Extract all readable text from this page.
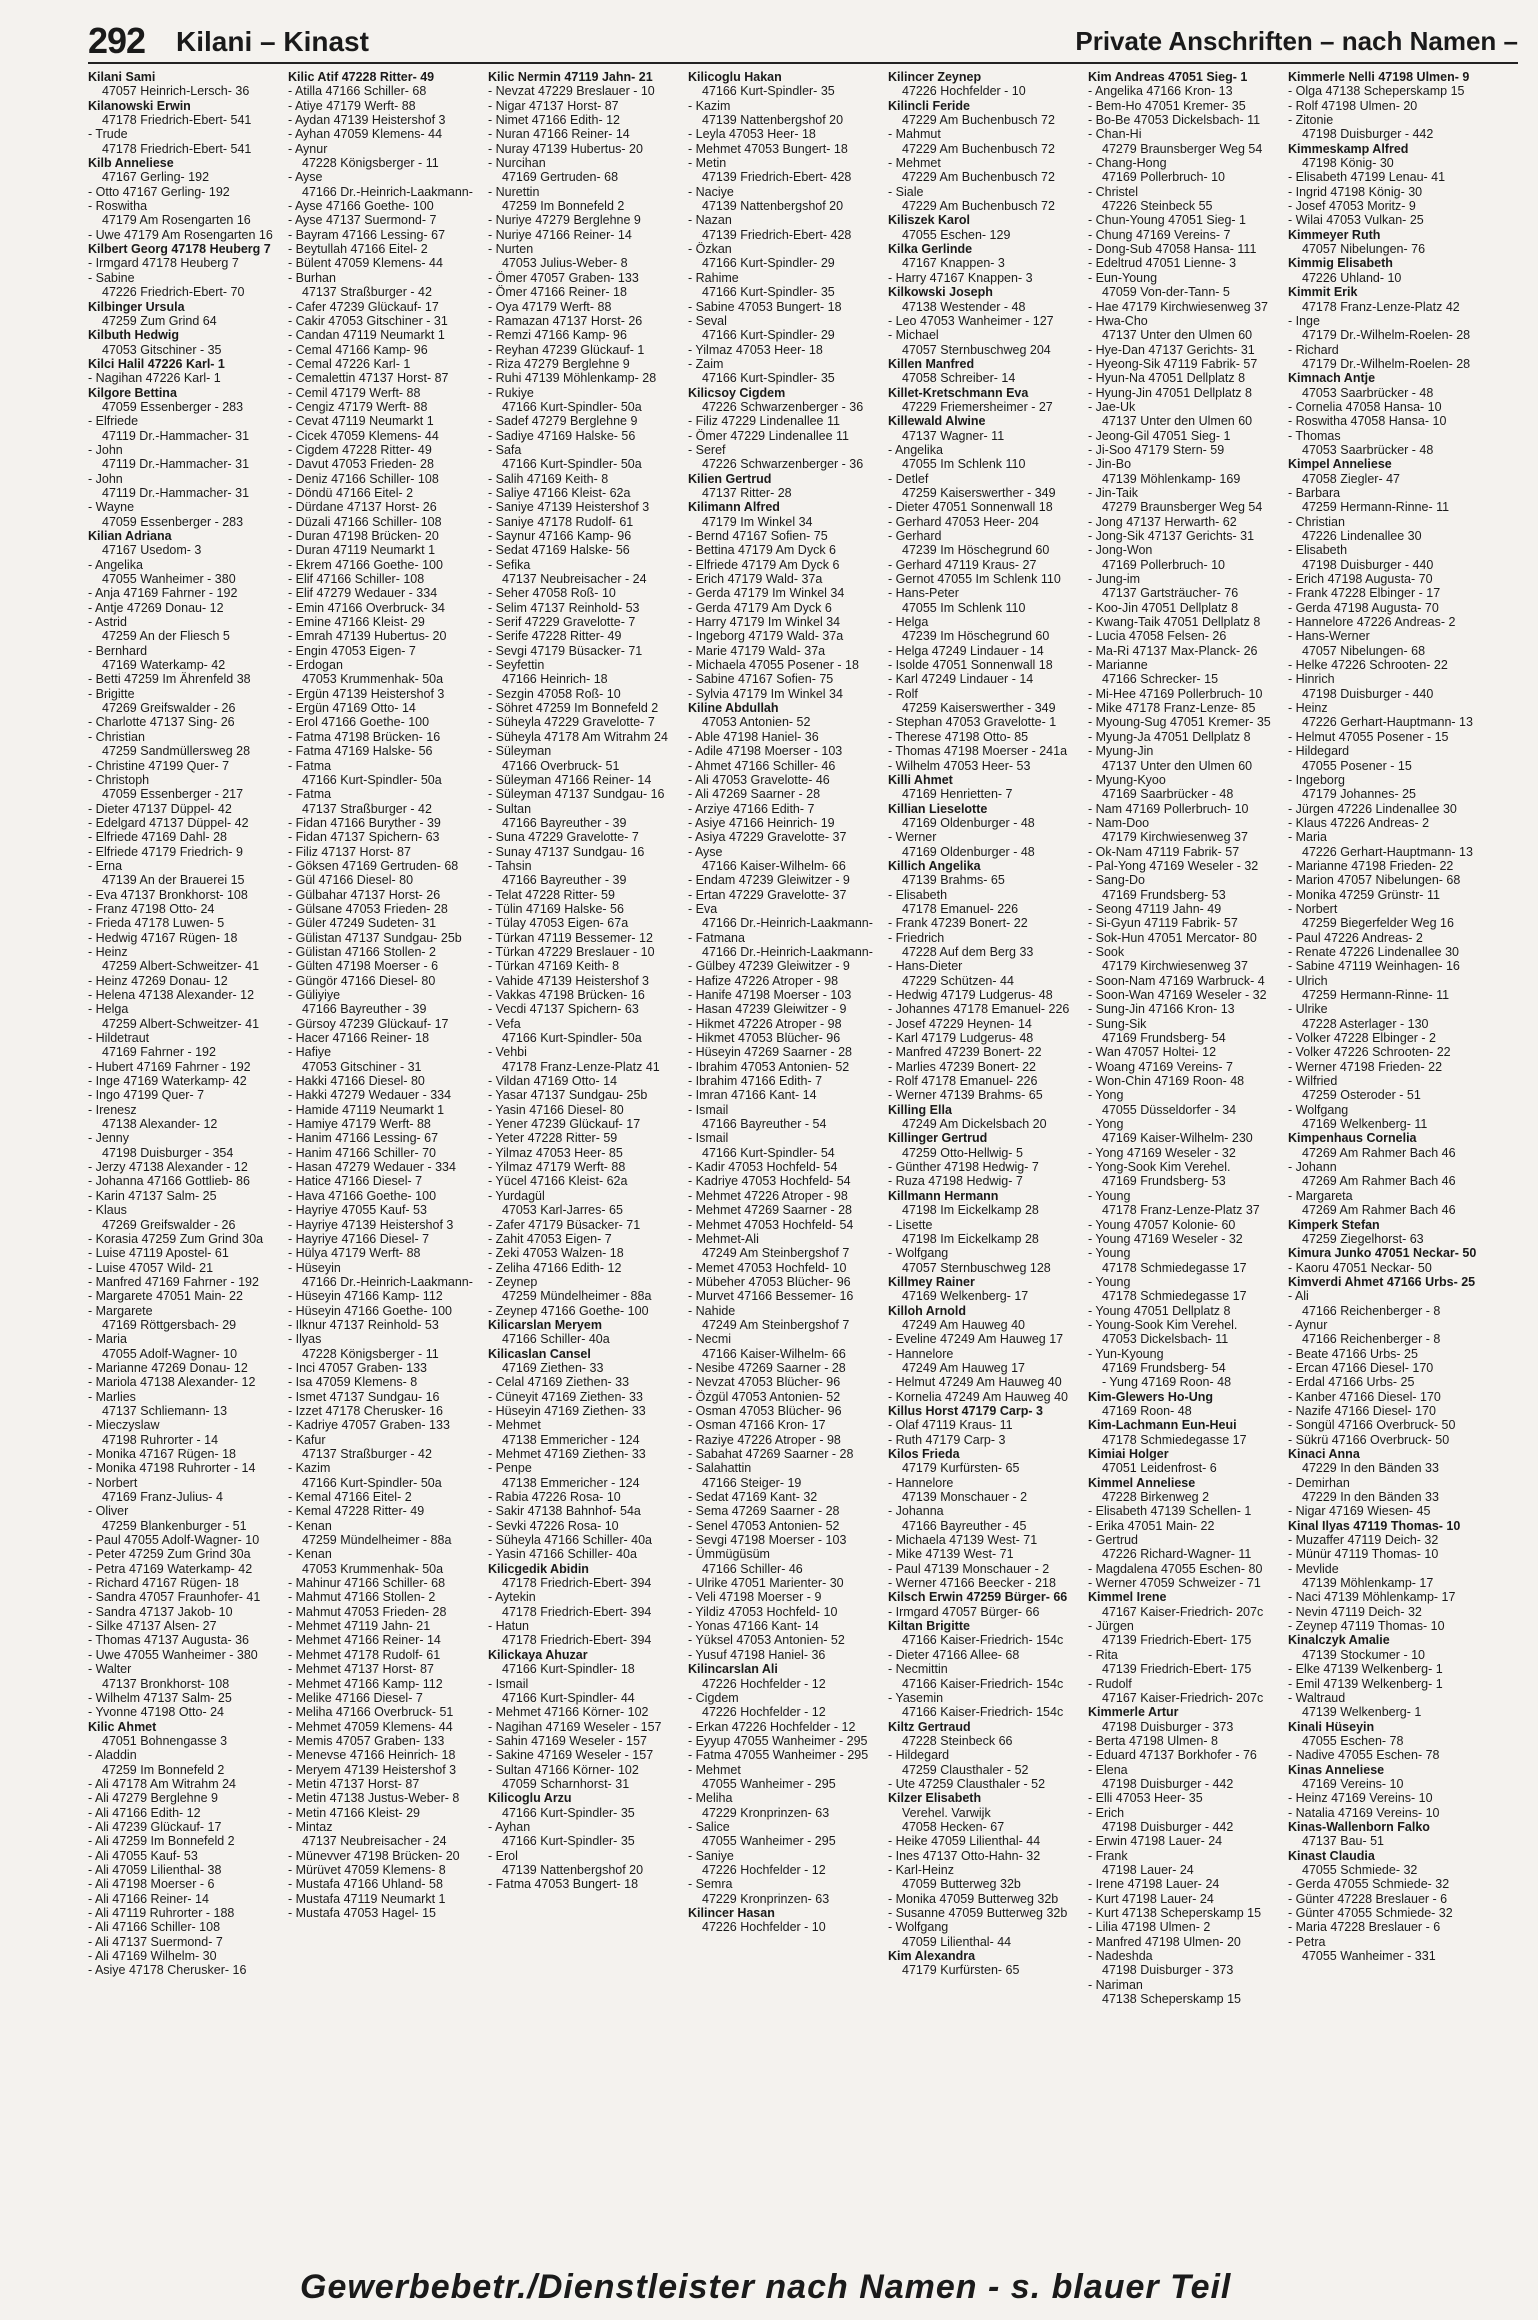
292 Kilani – Kinast	Private Anschriften – nach Namen –
Kilani Sami
47057 Heinrich-Lersch- 36
Kilanowski Erwin
47178 Friedrich-Ebert- 541
- Trude
47178 Friedrich-Ebert- 541
Kilb Anneliese
47167 Gerling- 192
- Otto 47167 Gerling- 192
- Roswitha
47179 Am Rosengarten 16
- Uwe 47179 Am Rosengarten 16
Kilbert Georg 47178 Heuberg 7
- Irmgard 47178 Heuberg 7
- Sabine
47226 Friedrich-Ebert- 70
Kilbinger Ursula
47259 Zum Grind 64
Kilbuth Hedwig
47053 Gitschiner - 35
Kilci Halil 47226 Karl- 1
- Nagihan 47226 Karl- 1
Kilgore Bettina
47059 Essenberger - 283
- Elfriede
47119 Dr.-Hammacher- 31
- John
47119 Dr.-Hammacher- 31
- John
47119 Dr.-Hammacher- 31
- Wayne
47059 Essenberger - 283
Kilian Adriana
47167 Usedom- 3
- Angelika
47055 Wanheimer - 380
- Anja 47169 Fahrner - 192
- Antje 47269 Donau- 12
- Astrid
47259 An der Fliesch 5
- Bernhard
47169 Waterkamp- 42
- Betti 47259 Im Ährenfeld 38
- Brigitte
47269 Greifswalder - 26
- Charlotte 47137 Sing- 26
- Christian
47259 Sandmüllersweg 28
- Christine 47199 Quer- 7
- Christoph
47059 Essenberger - 217
- Dieter 47137 Düppel- 42
- Edelgard 47137 Düppel- 42
- Elfriede 47169 Dahl- 28
- Elfriede 47179 Friedrich- 9
- Erna
47139 An der Brauerei 15
- Eva 47137 Bronkhorst- 108
- Franz 47198 Otto- 24
- Frieda 47178 Luwen- 5
- Hedwig 47167 Rügen- 18
- Heinz
47259 Albert-Schweitzer- 41
- Heinz 47269 Donau- 12
- Helena 47138 Alexander- 12
- Helga
47259 Albert-Schweitzer- 41
- Hildetraut
47169 Fahrner - 192
- Hubert 47169 Fahrner - 192
- Inge 47169 Waterkamp- 42
- Ingo 47199 Quer- 7
- Irenesz
47138 Alexander- 12
- Jenny
47198 Duisburger - 354
- Jerzy 47138 Alexander - 12
- Johanna 47166 Gottlieb- 86
- Karin 47137 Salm- 25
- Klaus
47269 Greifswalder - 26
- Korasia 47259 Zum Grind 30a
- Luise 47119 Apostel- 61
- Luise 47057 Wild- 21
- Manfred 47169 Fahrner - 192
- Margarete 47051 Main- 22
- Margarete
47169 Röttgersbach- 29
- Maria
47055 Adolf-Wagner- 10
- Marianne 47269 Donau- 12
- Mariola 47138 Alexander- 12
- Marlies
47137 Schliemann- 13
- Mieczyslaw
47198 Ruhrorter - 14
- Monika 47167 Rügen- 18
- Monika 47198 Ruhrorter - 14
- Norbert
47169 Franz-Julius- 4
- Oliver
47259 Blankenburger - 51
- Paul 47055 Adolf-Wagner- 10
- Peter 47259 Zum Grind 30a
- Petra 47169 Waterkamp- 42
- Richard 47167 Rügen- 18
- Sandra 47057 Fraunhofer- 41
- Sandra 47137 Jakob- 10
- Silke 47137 Alsen- 27
- Thomas 47137 Augusta- 36
- Uwe 47055 Wanheimer - 380
- Walter
47137 Bronkhorst- 108
- Wilhelm 47137 Salm- 25
- Yvonne 47198 Otto- 24
Kilic Ahmet
47051 Bohnengasse 3
- Aladdin
47259 Im Bonnefeld 2
- Ali 47178 Am Witrahm 24
- Ali 47279 Berglehne 9
- Ali 47166 Edith- 12
- Ali 47239 Glückauf- 17
- Ali 47259 Im Bonnefeld 2
- Ali 47055 Kauf- 53
- Ali 47059 Lilienthal- 38
- Ali 47198 Moerser - 6
- Ali 47166 Reiner- 14
- Ali 47119 Ruhrorter - 188
- Ali 47166 Schiller- 108
- Ali 47137 Suermond- 7
- Ali 47169 Wilhelm- 30
- Asiye 47178 Cherusker- 16
Kilic Atif 47228 Ritter- 49
- Atilla 47166 Schiller- 68
- Atiye 47179 Werft- 88
- Aydan 47139 Heistershof 3
- Ayhan 47059 Klemens- 44
- Aynur
47228 Königsberger - 11
- Ayse
47166 Dr.-Heinrich-Laakmann-
- Ayse 47166 Goethe- 100
- Ayse 47137 Suermond- 7
- Bayram 47166 Lessing- 67
- Beytullah 47166 Eitel- 2
- Bülent 47059 Klemens- 44
- Burhan
47137 Straßburger - 42
- Cafer 47239 Glückauf- 17
- Cakir 47053 Gitschiner - 31
- Candan 47119 Neumarkt 1
- Cemal 47166 Kamp- 96
- Cemal 47226 Karl- 1
- Cemalettin 47137 Horst- 87
- Cemil 47179 Werft- 88
- Cengiz 47179 Werft- 88
- Cevat 47119 Neumarkt 1
- Cicek 47059 Klemens- 44
- Cigdem 47228 Ritter- 49
- Davut 47053 Frieden- 28
- Deniz 47166 Schiller- 108
- Döndü 47166 Eitel- 2
- Dürdane 47137 Horst- 26
- Düzali 47166 Schiller- 108
- Duran 47198 Brücken- 20
- Duran 47119 Neumarkt 1
- Ekrem 47166 Goethe- 100
- Elif 47166 Schiller- 108
- Elif 47279 Wedauer - 334
- Emin 47166 Overbruck- 34
- Emine 47166 Kleist- 29
- Emrah 47139 Hubertus- 20
- Engin 47053 Eigen- 7
- Erdogan
47053 Krummenhak- 50a
- Ergün 47139 Heistershof 3
- Ergün 47169 Otto- 14
- Erol 47166 Goethe- 100
- Fatma 47198 Brücken- 16
- Fatma 47169 Halske- 56
- Fatma
47166 Kurt-Spindler- 50a
- Fatma
47137 Straßburger - 42
- Fidan 47166 Buryther - 39
- Fidan 47137 Spichern- 63
- Filiz 47137 Horst- 87
- Göksen 47169 Gertruden- 68
- Gül 47166 Diesel- 80
- Gülbahar 47137 Horst- 26
- Gülsane 47053 Frieden- 28
- Güler 47249 Sudeten- 31
- Gülistan 47137 Sundgau- 25b
- Gülistan 47166 Stollen- 2
- Gülten 47198 Moerser - 6
- Güngör 47166 Diesel- 80
- Güliyiye
47166 Bayreuther - 39
- Gürsoy 47239 Glückauf- 17
- Hacer 47166 Reiner- 18
- Hafiye
47053 Gitschiner - 31
- Hakki 47166 Diesel- 80
- Hakki 47279 Wedauer - 334
- Hamide 47119 Neumarkt 1
- Hamiye 47179 Werft- 88
- Hanim 47166 Lessing- 67
- Hanim 47166 Schiller- 70
- Hasan 47279 Wedauer - 334
- Hatice 47166 Diesel- 7
- Hava 47166 Goethe- 100
- Hayriye 47055 Kauf- 53
- Hayriye 47139 Heistershof 3
- Hayriye 47166 Diesel- 7
- Hülya 47179 Werft- 88
- Hüseyin
47166 Dr.-Heinrich-Laakmann-
- Hüseyin 47166 Kamp- 112
- Hüseyin 47166 Goethe- 100
- Ilknur 47137 Reinhold- 53
- Ilyas
47228 Königsberger - 11
- Inci 47057 Graben- 133
- Isa 47059 Klemens- 8
- Ismet 47137 Sundgau- 16
- Izzet 47178 Cherusker- 16
- Kadriye 47057 Graben- 133
- Kafur
47137 Straßburger - 42
- Kazim
47166 Kurt-Spindler- 50a
- Kemal 47166 Eitel- 2
- Kemal 47228 Ritter- 49
- Kenan
47259 Mündelheimer - 88a
- Kenan
47053 Krummenhak- 50a
- Mahinur 47166 Schiller- 68
- Mahmut 47166 Stollen- 2
- Mahmut 47053 Frieden- 28
- Mehmet 47119 Jahn- 21
- Mehmet 47166 Reiner- 14
- Mehmet 47178 Rudolf- 61
- Mehmet 47137 Horst- 87
- Mehmet 47166 Kamp- 112
- Melike 47166 Diesel- 7
- Meliha 47166 Overbruck- 51
- Mehmet 47059 Klemens- 44
- Memis 47057 Graben- 133
- Menevse 47166 Heinrich- 18
- Meryem 47139 Heistershof 3
- Metin 47137 Horst- 87
- Metin 47138 Justus-Weber- 8
- Metin 47166 Kleist- 29
- Mintaz
47137 Neubreisacher - 24
- Münevver 47198 Brücken- 20
- Mürüvet 47059 Klemens- 8
- Mustafa 47166 Uhland- 58
- Mustafa 47119 Neumarkt 1
- Mustafa 47053 Hagel- 15
Kilic Nermin 47119 Jahn- 21
- Nevzat 47229 Breslauer - 10
- Nigar 47137 Horst- 87
- Nimet 47166 Edith- 12
- Nuran 47166 Reiner- 14
- Nuray 47139 Hubertus- 20
- Nurcihan
47169 Gertruden- 68
- Nurettin
47259 Im Bonnefeld 2
- Nuriye 47279 Berglehne 9
- Nuriye 47166 Reiner- 14
- Nurten
47053 Julius-Weber- 8
- Ömer 47057 Graben- 133
- Ömer 47166 Reiner- 18
- Oya 47179 Werft- 88
- Ramazan 47137 Horst- 26
- Remzi 47166 Kamp- 96
- Reyhan 47239 Glückauf- 1
- Riza 47279 Berglehne 9
- Ruhi 47139 Möhlenkamp- 28
- Rukiye
47166 Kurt-Spindler- 50a
- Sadef 47279 Berglehne 9
- Sadiye 47169 Halske- 56
- Safa
47166 Kurt-Spindler- 50a
- Salih 47169 Keith- 8
- Saliye 47166 Kleist- 62a
- Saniye 47139 Heistershof 3
- Saniye 47178 Rudolf- 61
- Saynur 47166 Kamp- 96
- Sedat 47169 Halske- 56
- Sefika
47137 Neubreisacher - 24
- Seher 47058 Roß- 10
- Selim 47137 Reinhold- 53
- Serif 47229 Gravelotte- 7
- Serife 47228 Ritter- 49
- Sevgi 47179 Büsacker- 71
- Seyfettin
47166 Heinrich- 18
- Sezgin 47058 Roß- 10
- Söhret 47259 Im Bonnefeld 2
- Süheyla 47229 Gravelotte- 7
- Süheyla 47178 Am Witrahm 24
- Süleyman
47166 Overbruck- 51
- Süleyman 47166 Reiner- 14
- Süleyman 47137 Sundgau- 16
- Sultan
47166 Bayreuther - 39
- Suna 47229 Gravelotte- 7
- Sunay 47137 Sundgau- 16
- Tahsin
47166 Bayreuther - 39
- Telat 47228 Ritter- 59
- Tülin 47169 Halske- 56
- Tülay 47053 Eigen- 67a
- Türkan 47119 Bessemer- 12
- Türkan 47229 Breslauer - 10
- Türkan 47169 Keith- 8
- Vahide 47139 Heistershof 3
- Vakkas 47198 Brücken- 16
- Vecdi 47137 Spichern- 63
- Vefa
47166 Kurt-Spindler- 50a
- Vehbi
47178 Franz-Lenze-Platz 41
- Vildan 47169 Otto- 14
- Yasar 47137 Sundgau- 25b
- Yasin 47166 Diesel- 80
- Yener 47239 Glückauf- 17
- Yeter 47228 Ritter- 59
- Yilmaz 47053 Heer- 85
- Yilmaz 47179 Werft- 88
- Yücel 47166 Kleist- 62a
- Yurdagül
47053 Karl-Jarres- 65
- Zafer 47179 Büsacker- 71
- Zahit 47053 Eigen- 7
- Zeki 47053 Walzen- 18
- Zeliha 47166 Edith- 12
- Zeynep
47259 Mündelheimer - 88a
- Zeynep 47166 Goethe- 100
Kilicarslan Meryem
47166 Schiller- 40a
Kilicaslan Cansel
47169 Ziethen- 33
- Celal 47169 Ziethen- 33
- Cüneyit 47169 Ziethen- 33
- Hüseyin 47169 Ziethen- 33
- Mehmet
47138 Emmericher - 124
- Mehmet 47169 Ziethen- 33
- Penpe
47138 Emmericher - 124
- Rabia 47226 Rosa- 10
- Sakir 47138 Bahnhof- 54a
- Sevki 47226 Rosa- 10
- Süheyla 47166 Schiller- 40a
- Yasin 47166 Schiller- 40a
Kilicgedik Abidin
47178 Friedrich-Ebert- 394
- Aytekin
47178 Friedrich-Ebert- 394
- Hatun
47178 Friedrich-Ebert- 394
Kilickaya Ahuzar
47166 Kurt-Spindler- 18
- Ismail
47166 Kurt-Spindler- 44
- Mehmet 47166 Körner- 102
- Nagihan 47169 Weseler - 157
- Sahin 47169 Weseler - 157
- Sakine 47169 Weseler - 157
- Sultan 47166 Körner- 102
47059 Scharnhorst- 31
Kilicoglu Arzu
47166 Kurt-Spindler- 35
- Ayhan
47166 Kurt-Spindler- 35
- Erol
47139 Nattenbergshof 20
- Fatma 47053 Bungert- 18
Kilicoglu Hakan
47166 Kurt-Spindler- 35
- Kazim
47139 Nattenbergshof 20
- Leyla 47053 Heer- 18
- Mehmet 47053 Bungert- 18
- Metin
47139 Friedrich-Ebert- 428
- Naciye
47139 Nattenbergshof 20
- Nazan
47139 Friedrich-Ebert- 428
- Özkan
47166 Kurt-Spindler- 29
- Rahime
47166 Kurt-Spindler- 35
- Sabine 47053 Bungert- 18
- Seval
47166 Kurt-Spindler- 29
- Yilmaz 47053 Heer- 18
- Zaim
47166 Kurt-Spindler- 35
Kilicsoy Cigdem
47226 Schwarzenberger - 36
- Filiz 47229 Lindenallee 11
- Ömer 47229 Lindenallee 11
- Seref
47226 Schwarzenberger - 36
Kilien Gertrud
47137 Ritter- 28
Kilimann Alfred
47179 Im Winkel 34
- Bernd 47167 Sofien- 75
- Bettina 47179 Am Dyck 6
- Elfriede 47179 Am Dyck 6
- Erich 47179 Wald- 37a
- Gerda 47179 Im Winkel 34
- Gerda 47179 Am Dyck 6
- Harry 47179 Im Winkel 34
- Ingeborg 47179 Wald- 37a
- Marie 47179 Wald- 37a
- Michaela 47055 Posener - 18
- Sabine 47167 Sofien- 75
- Sylvia 47179 Im Winkel 34
Kiline Abdullah
47053 Antonien- 52
- Able 47198 Haniel- 36
- Adile 47198 Moerser - 103
- Ahmet 47166 Schiller- 46
- Ali 47053 Gravelotte- 46
- Ali 47269 Saarner - 28
- Arziye 47166 Edith- 7
- Asiye 47166 Heinrich- 19
- Asiya 47229 Gravelotte- 37
- Ayse
47166 Kaiser-Wilhelm- 66
- Endam 47239 Gleiwitzer - 9
- Ertan 47229 Gravelotte- 37
- Eva
47166 Dr.-Heinrich-Laakmann-
- Fatmana
47166 Dr.-Heinrich-Laakmann-
- Gülbey 47239 Gleiwitzer - 9
- Hafize 47226 Atroper - 98
- Hanife 47198 Moerser - 103
- Hasan 47239 Gleiwitzer - 9
- Hikmet 47226 Atroper - 98
- Hikmet 47053 Blücher- 96
- Hüseyin 47269 Saarner - 28
- Ibrahim 47053 Antonien- 52
- Ibrahim 47166 Edith- 7
- Imran 47166 Kant- 14
- Ismail
47166 Bayreuther - 54
- Ismail
47166 Kurt-Spindler- 54
- Kadir 47053 Hochfeld- 54
- Kadriye 47053 Hochfeld- 54
- Mehmet 47226 Atroper - 98
- Mehmet 47269 Saarner - 28
- Mehmet 47053 Hochfeld- 54
- Mehmet-Ali
47249 Am Steinbergshof 7
- Memet 47053 Hochfeld- 10
- Mübeher 47053 Blücher- 96
- Murvet 47166 Bessemer- 16
- Nahide
47249 Am Steinbergshof 7
- Necmi
47166 Kaiser-Wilhelm- 66
- Nesibe 47269 Saarner - 28
- Nevzat 47053 Blücher- 96
- Özgül 47053 Antonien- 52
- Osman 47053 Blücher- 96
- Osman 47166 Kron- 17
- Raziye 47226 Atroper - 98
- Sabahat 47269 Saarner - 28
- Salahattin
47166 Steiger- 19
- Sedat 47169 Kant- 32
- Sema 47269 Saarner - 28
- Senel 47053 Antonien- 52
- Sevgi 47198 Moerser - 103
- Ümmügüsüm
47166 Schiller- 46
- Ulrike 47051 Marienter- 30
- Veli 47198 Moerser - 9
- Yildiz 47053 Hochfeld- 10
- Yonas 47166 Kant- 14
- Yüksel 47053 Antonien- 52
- Yusuf 47198 Haniel- 36
Kilincarslan Ali
47226 Hochfelder - 12
- Cigdem
47226 Hochfelder - 12
- Erkan 47226 Hochfelder - 12
- Eyyup 47055 Wanheimer - 295
- Fatma 47055 Wanheimer - 295
- Mehmet
47055 Wanheimer - 295
- Meliha
47229 Kronprinzen- 63
- Salice
47055 Wanheimer - 295
- Saniye
47226 Hochfelder - 12
- Semra
47229 Kronprinzen- 63
Kilincer Hasan
47226 Hochfelder - 10
Kilincer Zeynep
47226 Hochfelder - 10
Kilincli Feride
47229 Am Buchenbusch 72
- Mahmut
47229 Am Buchenbusch 72
- Mehmet
47229 Am Buchenbusch 72
- Siale
47229 Am Buchenbusch 72
Kiliszek Karol
47055 Eschen- 129
Kilka Gerlinde
47167 Knappen- 3
- Harry 47167 Knappen- 3
Kilkowski Joseph
47138 Westender - 48
- Leo 47053 Wanheimer - 127
- Michael
47057 Sternbuschweg 204
Killen Manfred
47058 Schreiber- 14
Killet-Kretschmann Eva
47229 Friemersheimer - 27
Killewald Alwine
47137 Wagner- 11
- Angelika
47055 Im Schlenk 110
- Detlef
47259 Kaiserswerther - 349
- Dieter 47051 Sonnenwall 18
- Gerhard 47053 Heer- 204
- Gerhard
47239 Im Höschegrund 60
- Gerhard 47119 Kraus- 27
- Gernot 47055 Im Schlenk 110
- Hans-Peter
47055 Im Schlenk 110
- Helga
47239 Im Höschegrund 60
- Helga 47249 Lindauer - 14
- Isolde 47051 Sonnenwall 18
- Karl 47249 Lindauer - 14
- Rolf
47259 Kaiserswerther - 349
- Stephan 47053 Gravelotte- 1
- Therese 47198 Otto- 85
- Thomas 47198 Moerser - 241a
- Wilhelm 47053 Heer- 53
Killi Ahmet
47169 Henrietten- 7
Killian Lieselotte
47169 Oldenburger - 48
- Werner
47169 Oldenburger - 48
Killich Angelika
47139 Brahms- 65
- Elisabeth
47178 Emanuel- 226
- Frank 47239 Bonert- 22
- Friedrich
47228 Auf dem Berg 33
- Hans-Dieter
47229 Schützen- 44
- Hedwig 47179 Ludgerus- 48
- Johannes 47178 Emanuel- 226
- Josef 47229 Heynen- 14
- Karl 47179 Ludgerus- 48
- Manfred 47239 Bonert- 22
- Marlies 47239 Bonert- 22
- Rolf 47178 Emanuel- 226
- Werner 47139 Brahms- 65
Killing Ella
47249 Am Dickelsbach 20
Killinger Gertrud
47259 Otto-Hellwig- 5
- Günther 47198 Hedwig- 7
- Ruza 47198 Hedwig- 7
Killmann Hermann
47198 Im Eickelkamp 28
- Lisette
47198 Im Eickelkamp 28
- Wolfgang
47057 Sternbuschweg 128
Killmey Rainer
47169 Welkenberg- 17
Killoh Arnold
47249 Am Hauweg 40
- Eveline 47249 Am Hauweg 17
- Hannelore
47249 Am Hauweg 17
- Helmut 47249 Am Hauweg 40
- Kornelia 47249 Am Hauweg 40
Killus Horst 47179 Carp- 3
- Olaf 47119 Kraus- 11
- Ruth 47179 Carp- 3
Kilos Frieda
47179 Kurfürsten- 65
- Hannelore
47139 Monschauer - 2
- Johanna
47166 Bayreuther - 45
- Michaela 47139 West- 71
- Mike 47139 West- 71
- Paul 47139 Monschauer - 2
- Werner 47166 Beecker - 218
Kilsch Erwin 47259 Bürger- 66
- Irmgard 47057 Bürger- 66
Kiltan Brigitte
47166 Kaiser-Friedrich- 154c
- Dieter 47166 Allee- 68
- Necmittin
47166 Kaiser-Friedrich- 154c
- Yasemin
47166 Kaiser-Friedrich- 154c
Kiltz Gertraud
47228 Steinbeck 66
- Hildegard
47259 Clausthaler - 52
- Ute 47259 Clausthaler - 52
Kilzer Elisabeth
Verehel. Varwijk
47058 Hecken- 67
- Heike 47059 Lilienthal- 44
- Ines 47137 Otto-Hahn- 32
- Karl-Heinz
47059 Butterweg 32b
- Monika 47059 Butterweg 32b
- Susanne 47059 Butterweg 32b
- Wolfgang
47059 Lilienthal- 44
Kim Alexandra
47179 Kurfürsten- 65
Kim Andreas 47051 Sieg- 1
- Angelika 47166 Kron- 13
- Bem-Ho 47051 Kremer- 35
- Bo-Be 47053 Dickelsbach- 11
- Chan-Hi
47279 Braunsberger Weg 54
- Chang-Hong
47169 Pollerbruch- 10
- Christel
47226 Steinbeck 55
- Chun-Young 47051 Sieg- 1
- Chung 47169 Vereins- 7
- Dong-Sub 47058 Hansa- 111
- Edeltrud 47051 Lienne- 3
- Eun-Young
47059 Von-der-Tann- 5
- Hae 47179 Kirchwiesenweg 37
- Hwa-Cho
47137 Unter den Ulmen 60
- Hye-Dan 47137 Gerichts- 31
- Hyeong-Sik 47119 Fabrik- 57
- Hyun-Na 47051 Dellplatz 8
- Hyung-Jin 47051 Dellplatz 8
- Jae-Uk
47137 Unter den Ulmen 60
- Jeong-Gil 47051 Sieg- 1
- Ji-Soo 47179 Stern- 59
- Jin-Bo
47139 Möhlenkamp- 169
- Jin-Taik
47279 Braunsberger Weg 54
- Jong 47137 Herwarth- 62
- Jong-Sik 47137 Gerichts- 31
- Jong-Won
47169 Pollerbruch- 10
- Jung-im
47137 Gartsträucher- 76
- Koo-Jin 47051 Dellplatz 8
- Kwang-Taik 47051 Dellplatz 8
- Lucia 47058 Felsen- 26
- Ma-Ri 47137 Max-Planck- 26
- Marianne
47166 Schrecker- 15
- Mi-Hee 47169 Pollerbruch- 10
- Mike 47178 Franz-Lenze- 85
- Myoung-Sug 47051 Kremer- 35
- Myung-Ja 47051 Dellplatz 8
- Myung-Jin
47137 Unter den Ulmen 60
- Myung-Kyoo
47169 Saarbrücker - 48
- Nam 47169 Pollerbruch- 10
- Nam-Doo
47179 Kirchwiesenweg 37
- Ok-Nam 47119 Fabrik- 57
- Pal-Yong 47169 Weseler - 32
- Sang-Do
47169 Frundsberg- 53
- Seong 47119 Jahn- 49
- Si-Gyun 47119 Fabrik- 57
- Sok-Hun 47051 Mercator- 80
- Sook
47179 Kirchwiesenweg 37
- Soon-Nam 47169 Warbruck- 4
- Soon-Wan 47169 Weseler - 32
- Sung-Jin 47166 Kron- 13
- Sung-Sik
47169 Frundsberg- 54
- Wan 47057 Holtei- 12
- Woang 47169 Vereins- 7
- Won-Chin 47169 Roon- 48
- Yong
47055 Düsseldorfer - 34
- Yong
47169 Kaiser-Wilhelm- 230
- Yong 47169 Weseler - 32
- Yong-Sook Kim Verehel.
47169 Frundsberg- 53
- Young
47178 Franz-Lenze-Platz 37
- Young 47057 Kolonie- 60
- Young 47169 Weseler - 32
- Young
47178 Schmiedegasse 17
- Young
47178 Schmiedegasse 17
- Young 47051 Dellplatz 8
- Young-Sook Kim Verehel.
47053 Dickelsbach- 11
- Yun-Kyoung
47169 Frundsberg- 54
- Yung 47169 Roon- 48
Kim-Glewers Ho-Ung
47169 Roon- 48
Kim-Lachmann Eun-Heui
47178 Schmiedegasse 17
Kimiai Holger
47051 Leidenfrost- 6
Kimmel Anneliese
47228 Birkenweg 2
- Elisabeth 47139 Schellen- 1
- Erika 47051 Main- 22
- Gertrud
47226 Richard-Wagner- 11
- Magdalena 47055 Eschen- 80
- Werner 47059 Schweizer - 71
Kimmel Irene
47167 Kaiser-Friedrich- 207c
- Jürgen
47139 Friedrich-Ebert- 175
- Rita
47139 Friedrich-Ebert- 175
- Rudolf
47167 Kaiser-Friedrich- 207c
Kimmerle Artur
47198 Duisburger - 373
- Berta 47198 Ulmen- 8
- Eduard 47137 Borkhofer - 76
- Elena
47198 Duisburger - 442
- Elli 47053 Heer- 35
- Erich
47198 Duisburger - 442
- Erwin 47198 Lauer- 24
- Frank
47198 Lauer- 24
- Irene 47198 Lauer- 24
- Kurt 47198 Lauer- 24
- Kurt 47138 Scheperskamp 15
- Lilia 47198 Ulmen- 2
- Manfred 47198 Ulmen- 20
- Nadeshda
47198 Duisburger - 373
- Nariman
47138 Scheperskamp 15
Kimmerle Nelli 47198 Ulmen- 9
- Olga 47138 Scheperskamp 15
- Rolf 47198 Ulmen- 20
- Zitonie
47198 Duisburger - 442
Kimmeskamp Alfred
47198 König- 30
- Elisabeth 47199 Lenau- 41
- Ingrid 47198 König- 30
- Josef 47053 Moritz- 9
- Wilai 47053 Vulkan- 25
Kimmeyer Ruth
47057 Nibelungen- 76
Kimmig Elisabeth
47226 Uhland- 10
Kimmit Erik
47178 Franz-Lenze-Platz 42
- Inge
47179 Dr.-Wilhelm-Roelen- 28
- Richard
47179 Dr.-Wilhelm-Roelen- 28
Kimnach Antje
47053 Saarbrücker - 48
- Cornelia 47058 Hansa- 10
- Roswitha 47058 Hansa- 10
- Thomas
47053 Saarbrücker - 48
Kimpel Anneliese
47058 Ziegler- 47
- Barbara
47259 Hermann-Rinne- 11
- Christian
47226 Lindenallee 30
- Elisabeth
47198 Duisburger - 440
- Erich 47198 Augusta- 70
- Frank 47228 Elbinger - 17
- Gerda 47198 Augusta- 70
- Hannelore 47226 Andreas- 2
- Hans-Werner
47057 Nibelungen- 68
- Helke 47226 Schrooten- 22
- Hinrich
47198 Duisburger - 440
- Heinz
47226 Gerhart-Hauptmann- 13
- Helmut 47055 Posener - 15
- Hildegard
47055 Posener - 15
- Ingeborg
47179 Johannes- 25
- Jürgen 47226 Lindenallee 30
- Klaus 47226 Andreas- 2
- Maria
47226 Gerhart-Hauptmann- 13
- Marianne 47198 Frieden- 22
- Marion 47057 Nibelungen- 68
- Monika 47259 Grünstr- 11
- Norbert
47259 Biegerfelder Weg 16
- Paul 47226 Andreas- 2
- Renate 47226 Lindenallee 30
- Sabine 47119 Weinhagen- 16
- Ulrich
47259 Hermann-Rinne- 11
- Ulrike
47228 Asterlager - 130
- Volker 47228 Elbinger - 2
- Volker 47226 Schrooten- 22
- Werner 47198 Frieden- 22
- Wilfried
47259 Osteroder - 51
- Wolfgang
47169 Welkenberg- 11
Kimpenhaus Cornelia
47269 Am Rahmer Bach 46
- Johann
47269 Am Rahmer Bach 46
- Margareta
47269 Am Rahmer Bach 46
Kimperk Stefan
47259 Ziegelhorst- 63
Kimura Junko 47051 Neckar- 50
- Kaoru 47051 Neckar- 50
Kimverdi Ahmet 47166 Urbs- 25
- Ali
47166 Reichenberger - 8
- Aynur
47166 Reichenberger - 8
- Beate 47166 Urbs- 25
- Ercan 47166 Diesel- 170
- Erdal 47166 Urbs- 25
- Kanber 47166 Diesel- 170
- Nazife 47166 Diesel- 170
- Songül 47166 Overbruck- 50
- Sükrü 47166 Overbruck- 50
Kinaci Anna
47229 In den Bänden 33
- Demirhan
47229 In den Bänden 33
- Nigar 47169 Wiesen- 45
Kinal Ilyas 47119 Thomas- 10
- Muzaffer 47119 Deich- 32
- Münür 47119 Thomas- 10
- Mevlide
47139 Möhlenkamp- 17
- Naci 47139 Möhlenkamp- 17
- Nevin 47119 Deich- 32
- Zeynep 47119 Thomas- 10
Kinalczyk Amalie
47139 Stockumer - 10
- Elke 47139 Welkenberg- 1
- Emil 47139 Welkenberg- 1
- Waltraud
47139 Welkenberg- 1
Kinali Hüseyin
47055 Eschen- 78
- Nadive 47055 Eschen- 78
Kinas Anneliese
47169 Vereins- 10
- Heinz 47169 Vereins- 10
- Natalia 47169 Vereins- 10
Kinas-Wallenborn Falko
47137 Bau- 51
Kinast Claudia
47055 Schmiede- 32
- Gerda 47055 Schmiede- 32
- Günter 47228 Breslauer - 6
- Günter 47055 Schmiede- 32
- Maria 47228 Breslauer - 6
- Petra
47055 Wanheimer - 331
Gewerbebetr./Dienstleister nach Namen - s. blauer Teil
